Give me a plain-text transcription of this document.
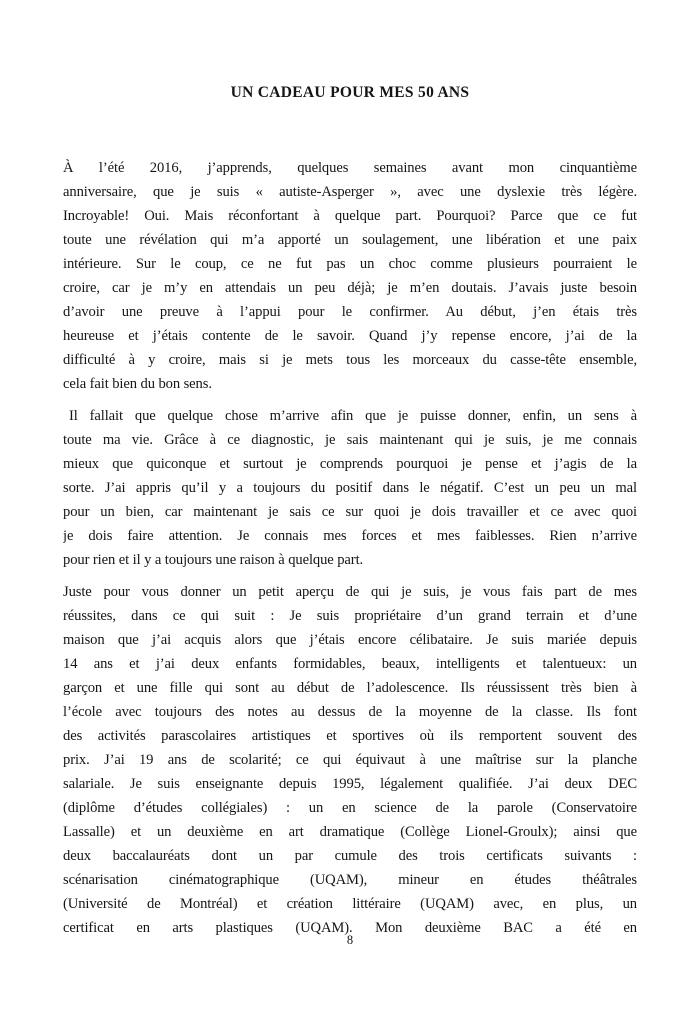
UN CADEAU POUR MES 50 ANS
À l’été 2016, j’apprends, quelques semaines avant mon cinquantième
anniversaire, que je suis « autiste-Asperger », avec une dyslexie très légère.
Incroyable! Oui. Mais réconfortant à quelque part. Pourquoi? Parce que ce fut
toute une révélation qui m’a apporté un soulagement, une libération et une paix
intérieure. Sur le coup, ce ne fut pas un choc comme plusieurs pourraient le
croire, car je m’y en attendais un peu déjà; je m’en doutais. J’avais juste besoin
d’avoir une preuve à l’appui pour le confirmer. Au début, j’en étais très
heureuse et j’étais contente de le savoir. Quand j’y repense encore, j’ai de la
difficulté à y croire, mais si je mets tous les morceaux du casse-tête ensemble,
cela fait bien du bon sens.
Il fallait que quelque chose m’arrive afin que je puisse donner, enfin, un sens à
toute ma vie. Grâce à ce diagnostic, je sais maintenant qui je suis, je me connais
mieux que quiconque et surtout je comprends pourquoi je pense et j’agis de la
sorte. J’ai appris qu’il y a toujours du positif dans le négatif. C’est un peu un mal
pour un bien, car maintenant je sais ce sur quoi je dois travailler et ce avec quoi
je dois faire attention. Je connais mes forces et mes faiblesses. Rien n’arrive
pour rien et il y a toujours une raison à quelque part.
Juste pour vous donner un petit aperçu de qui je suis, je vous fais part de mes
réussites, dans ce qui suit : Je suis propriétaire d’un grand terrain et d’une
maison que j’ai acquis alors que j’étais encore célibataire. Je suis mariée depuis
14 ans et j’ai deux enfants formidables, beaux, intelligents et talentueux: un
garçon et une fille qui sont au début de l’adolescence. Ils réussissent très bien à
l’école avec toujours des notes au dessus de la moyenne de la classe. Ils font
des activités parascolaires artistiques et sportives où ils remportent souvent des
prix. J’ai 19 ans de scolarité; ce qui équivaut à une maîtrise sur la planche
salariale. Je suis enseignante depuis 1995, légalement qualifiée. J’ai deux DEC
(diplôme d’études collégiales) : un en science de la parole (Conservatoire
Lassalle) et un deuxième en art dramatique (Collège Lionel-Groulx); ainsi que
deux baccalauréats dont un par cumule des trois certificats suivants :
scénarisation cinématographique (UQAM), mineur en études théâtrales
(Université de Montréal) et création littéraire (UQAM) avec, en plus, un
certificat en arts plastiques (UQAM). Mon deuxième BAC a été en
8
